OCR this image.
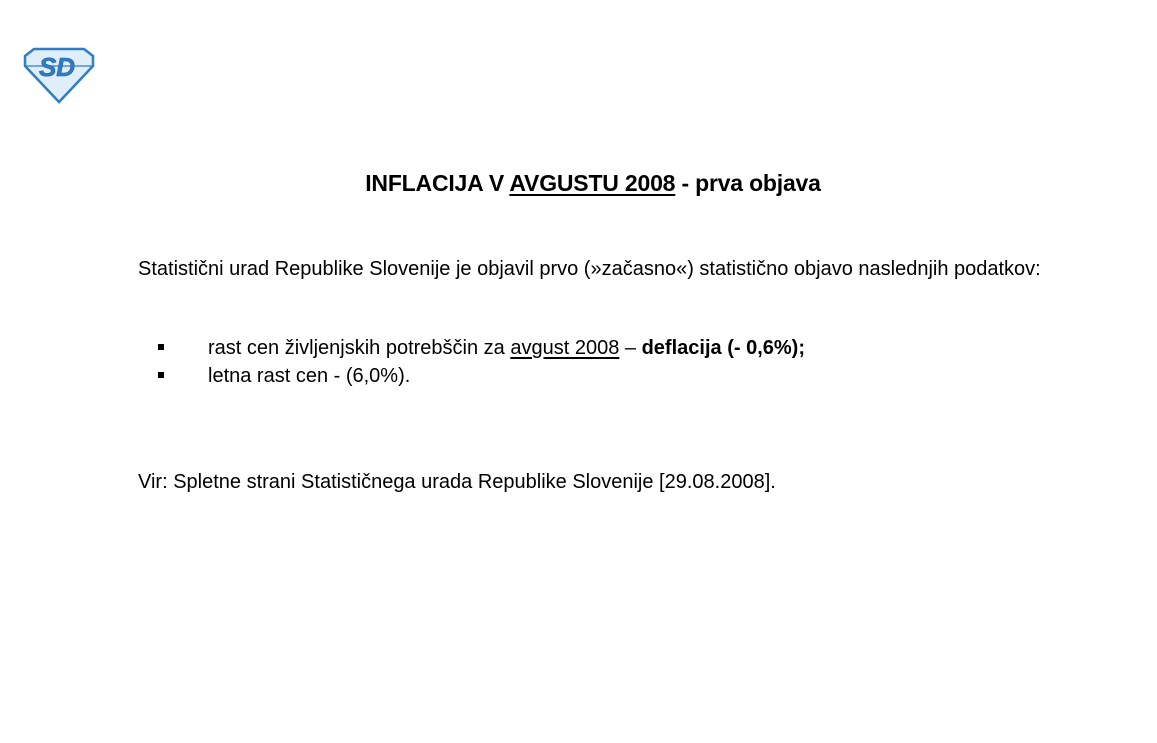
SD
INFLACIJA V AVGUSTU 2008 - prva objava
Statistični urad Republike Slovenije je objavil prvo (»začasno«) statistično objavo naslednjih podatkov:
rast cen življenjskih potrebščin za avgust 2008 – deflacija (- 0,6%);
letna rast cen - (6,0%).
Vir: Spletne strani Statističnega urada Republike Slovenije [29.08.2008].
